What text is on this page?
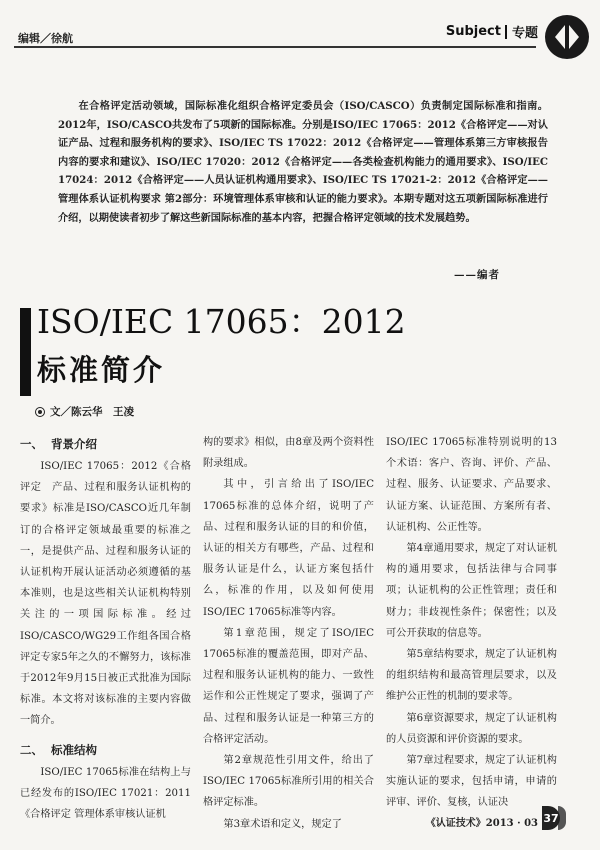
编辑／徐航	Subject 专题
在合格评定活动领域，国际标准化组织合格评定委员会（ISO/CASCO）负责制定国际标准和指南。2012年，ISO/CASCO共发布了5项新的国际标准。分别是ISO/IEC 17065：2012《合格评定——对认证产品、过程和服务机构的要求》、ISO/IEC TS 17022：2012《合格评定——管理体系第三方审核报告内容的要求和建议》、ISO/IEC 17020：2012《合格评定——各类检查机构能力的通用要求》、ISO/IEC 17024：2012《合格评定——人员认证机构通用要求》、ISO/IEC TS 17021-2：2012《合格评定——管理体系认证机构要求 第2部分：环境管理体系审核和认证的能力要求》。本期专题对这五项新国际标准进行介绍，以期使读者初步了解这些新国际标准的基本内容，把握合格评定领域的技术发展趋势。
——编者
ISO/IEC 17065：2012
标准简介
文／陈云华　王凌
一、 背景介绍

ISO/IEC 17065：2012《合格评定　产品、过程和服务认证机构的要求》标准是ISO/CASCO近几年制订的合格评定领域最重要的标准之一，是提供产品、过程和服务认证的认证机构开展认证活动必须遵循的基本准则，也是这些相关认证机构特别关注的一项国际标准。经过ISO/CASCO/WG29工作组各国合格评定专家5年之久的不懈努力，该标准于2012年9月15日被正式批准为国际标准。本文将对该标准的主要内容做一简介。

二、 标准结构

ISO/IEC 17065标准在结构上与已经发布的ISO/IEC 17021：2011《合格评定 管理体系审核认证机

构的要求》相似，由8章及两个资料性附录组成。

其中，引言给出了ISO/IEC 17065标准的总体介绍，说明了产品、过程和服务认证的目的和价值，认证的相关方有哪些，产品、过程和服务认证是什么，认证方案包括什么，标准的作用，以及如何使用ISO/IEC 17065标准等内容。

第1章范围，规定了ISO/IEC 17065标准的覆盖范围，即对产品、过程和服务认证机构的能力、一致性运作和公正性规定了要求，强调了产品、过程和服务认证是一种第三方的合格评定活动。

第2章规范性引用文件，给出了ISO/IEC 17065标准所引用的相关合格评定标准。

第3章术语和定义，规定了

ISO/IEC 17065标准特别说明的13个术语：客户、咨询、评价、产品、过程、服务、认证要求、产品要求、认证方案、认证范围、方案所有者、认证机构、公正性等。

第4章通用要求，规定了对认证机构的通用要求，包括法律与合同事项；认证机构的公正性管理；责任和财力；非歧视性条件；保密性；以及可公开获取的信息等。

第5章结构要求，规定了认证机构的组织结构和最高管理层要求，以及维护公正性的机制的要求等。

第6章资源要求，规定了认证机构的人员资源和评价资源的要求。

第7章过程要求，规定了认证机构实施认证的要求，包括申请，申请的评审、评价、复核，认证决

《认证技术》2013 · 03 37
